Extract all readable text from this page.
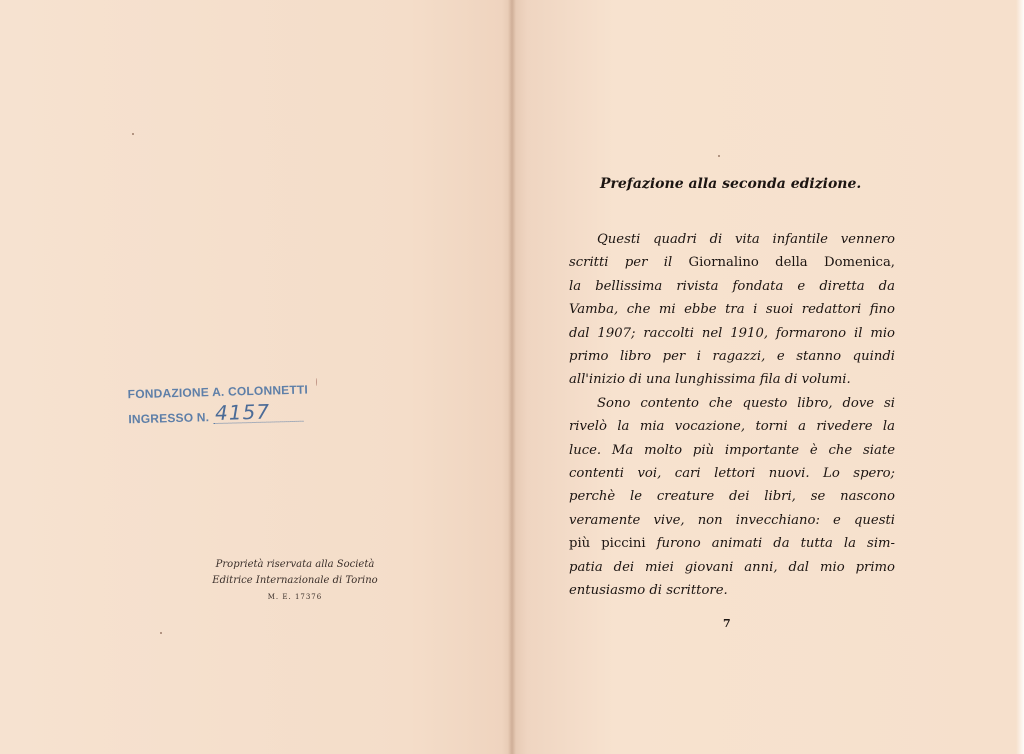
FONDAZIONE A. COLONNETTI
INGRESSO N. 4157
Proprietà riservata alla Società
Editrice Internazionale di Torino
M. E. 17376
Prefazione alla seconda edizione.

Questi quadri di vita infantile vennero
scritti per il Giornalino della Domenica,
la bellissima rivista fondata e diretta da
Vamba, che mi ebbe tra i suoi redattori fino
dal 1907; raccolti nel 1910, formarono il mio
primo libro per i ragazzi, e stanno quindi
all'inizio di una lunghissima fila di volumi.

Sono contento che questo libro, dove si
rivelò la mia vocazione, torni a rivedere la
luce. Ma molto più importante è che siate
contenti voi, cari lettori nuovi. Lo spero;
perchè le creature dei libri, se nascono
veramente vive, non invecchiano: e questi
più piccini furono animati da tutta la sim-
patia dei miei giovani anni, dal mio primo
entusiasmo di scrittore.

7
